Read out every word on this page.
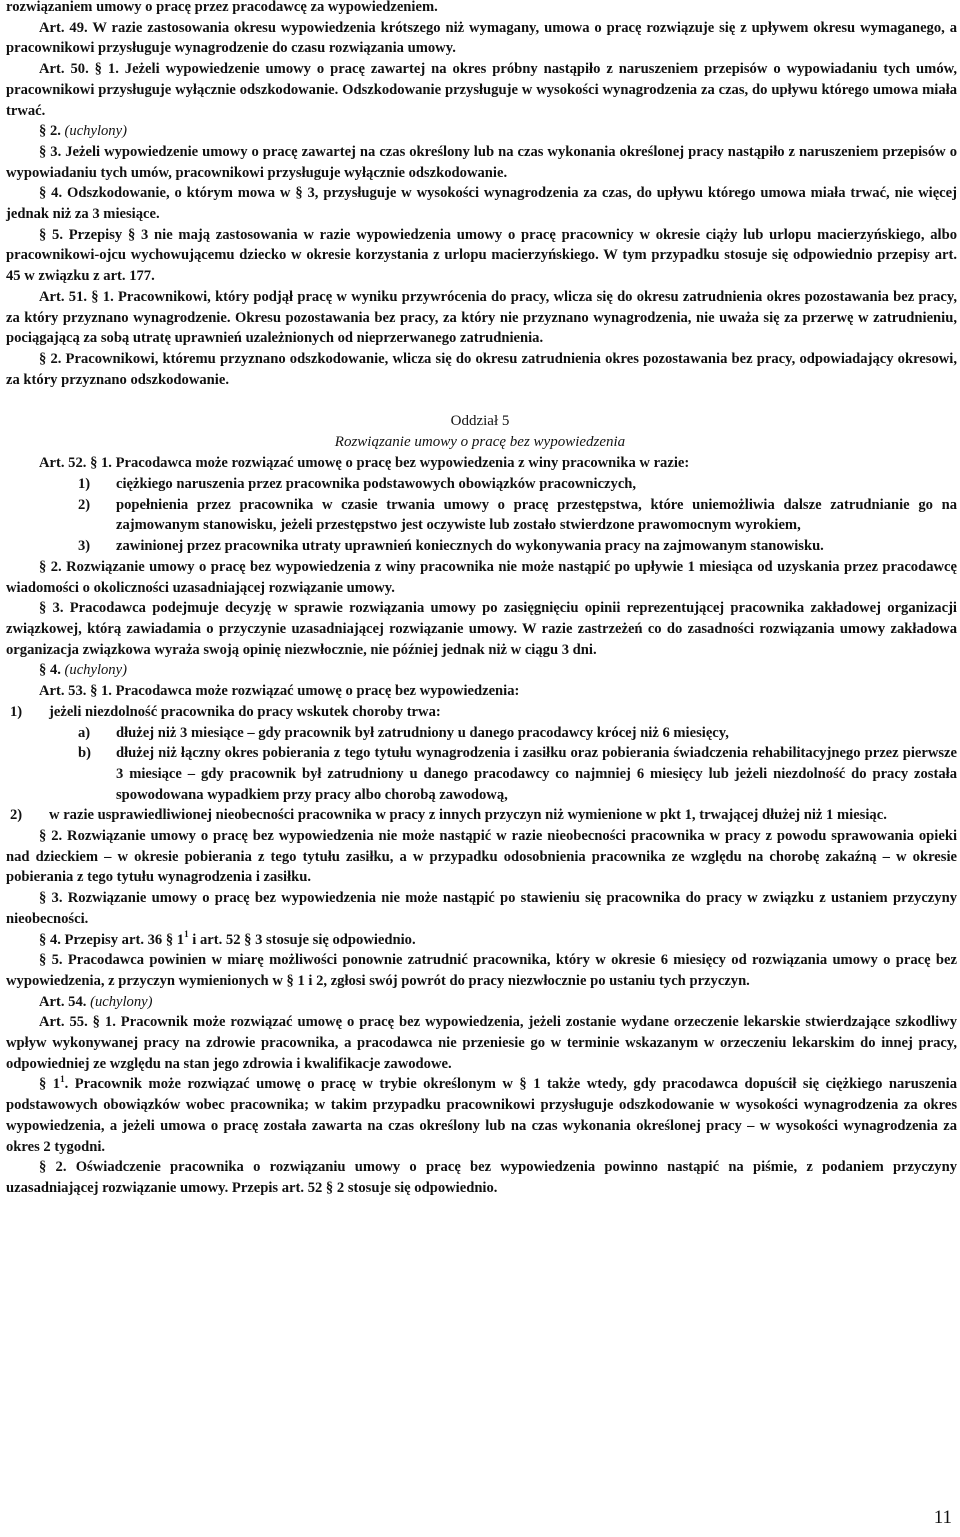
rozwiązaniem umowy o pracę przez pracodawcę za wypowiedzeniem.

Art. 49. W razie zastosowania okresu wypowiedzenia krótszego niż wymagany, umowa o pracę rozwiązuje się z upływem okresu wymaganego, a pracownikowi przysługuje wynagrodzenie do czasu rozwiązania umowy.

Art. 50. § 1. Jeżeli wypowiedzenie umowy o pracę zawartej na okres próbny nastąpiło z naruszeniem przepisów o wypowiadaniu tych umów, pracownikowi przysługuje wyłącznie odszkodowanie. Odszkodowanie przysługuje w wysokości wynagrodzenia za czas, do upływu którego umowa miała trwać.

§ 2. (uchylony)

§ 3. Jeżeli wypowiedzenie umowy o pracę zawartej na czas określony lub na czas wykonania określonej pracy nastąpiło z naruszeniem przepisów o wypowiadaniu tych umów, pracownikowi przysługuje wyłącznie odszkodowanie.

§ 4. Odszkodowanie, o którym mowa w § 3, przysługuje w wysokości wynagrodzenia za czas, do upływu którego umowa miała trwać, nie więcej jednak niż za 3 miesiące.

§ 5. Przepisy § 3 nie mają zastosowania w razie wypowiedzenia umowy o pracę pracownicy w okresie ciąży lub urlopu macierzyńskiego, albo pracownikowi-ojcu wychowującemu dziecko w okresie korzystania z urlopu macierzyńskiego. W tym przypadku stosuje się odpowiednio przepisy art. 45 w związku z art. 177.

Art. 51. § 1. Pracownikowi, który podjął pracę w wyniku przywrócenia do pracy, wlicza się do okresu zatrudnienia okres pozostawania bez pracy, za który przyznano wynagrodzenie. Okresu pozostawania bez pracy, za który nie przyznano wynagrodzenia, nie uważa się za przerwę w zatrudnieniu, pociągającą za sobą utratę uprawnień uzależnionych od nieprzerwanego zatrudnienia.

§ 2. Pracownikowi, któremu przyznano odszkodowanie, wlicza się do okresu zatrudnienia okres pozostawania bez pracy, odpowiadający okresowi, za który przyznano odszkodowanie.

Oddział 5

Rozwiązanie umowy o pracę bez wypowiedzenia

Art. 52. § 1. Pracodawca może rozwiązać umowę o pracę bez wypowiedzenia z winy pracownika w razie:

1) ciężkiego naruszenia przez pracownika podstawowych obowiązków pracowniczych,

2) popełnienia przez pracownika w czasie trwania umowy o pracę przestępstwa, które uniemożliwia dalsze zatrudnianie go na zajmowanym stanowisku, jeżeli przestępstwo jest oczywiste lub zostało stwierdzone prawomocnym wyrokiem,

3) zawinionej przez pracownika utraty uprawnień koniecznych do wykonywania pracy na zajmowanym stanowisku.

§ 2. Rozwiązanie umowy o pracę bez wypowiedzenia z winy pracownika nie może nastąpić po upływie 1 miesiąca od uzyskania przez pracodawcę wiadomości o okoliczności uzasadniającej rozwiązanie umowy.

§ 3. Pracodawca podejmuje decyzję w sprawie rozwiązania umowy po zasięgnięciu opinii reprezentującej pracownika zakładowej organizacji związkowej, którą zawiadamia o przyczynie uzasadniającej rozwiązanie umowy. W razie zastrzeżeń co do zasadności rozwiązania umowy zakładowa organizacja związkowa wyraża swoją opinię niezwłocznie, nie później jednak niż w ciągu 3 dni.

§ 4. (uchylony)

Art. 53. § 1. Pracodawca może rozwiązać umowę o pracę bez wypowiedzenia:

1) jeżeli niezdolność pracownika do pracy wskutek choroby trwa:

a) dłużej niż 3 miesiące – gdy pracownik był zatrudniony u danego pracodawcy krócej niż 6 miesięcy,

b) dłużej niż łączny okres pobierania z tego tytułu wynagrodzenia i zasiłku oraz pobierania świadczenia rehabilitacyjnego przez pierwsze 3 miesiące – gdy pracownik był zatrudniony u danego pracodawcy co najmniej 6 miesięcy lub jeżeli niezdolność do pracy została spowodowana wypadkiem przy pracy albo chorobą zawodową,

2) w razie usprawiedliwionej nieobecności pracownika w pracy z innych przyczyn niż wymienione w pkt 1, trwającej dłużej niż 1 miesiąc.

§ 2. Rozwiązanie umowy o pracę bez wypowiedzenia nie może nastąpić w razie nieobecności pracownika w pracy z powodu sprawowania opieki nad dzieckiem – w okresie pobierania z tego tytułu zasiłku, a w przypadku odosobnienia pracownika ze względu na chorobę zakaźną – w okresie pobierania z tego tytułu wynagrodzenia i zasiłku.

§ 3. Rozwiązanie umowy o pracę bez wypowiedzenia nie może nastąpić po stawieniu się pracownika do pracy w związku z ustaniem przyczyny nieobecności.

§ 4. Przepisy art. 36 § $1^1$ i art. 52 § 3 stosuje się odpowiednio.

§ 5. Pracodawca powinien w miarę możliwości ponownie zatrudnić pracownika, który w okresie 6 miesięcy od rozwiązania umowy o pracę bez wypowiedzenia, z przyczyn wymienionych w § 1 i 2, zgłosi swój powrót do pracy niezwłocznie po ustaniu tych przyczyn.

Art. 54. (uchylony)

Art. 55. § 1. Pracownik może rozwiązać umowę o pracę bez wypowiedzenia, jeżeli zostanie wydane orzeczenie lekarskie stwierdzające szkodliwy wpływ wykonywanej pracy na zdrowie pracownika, a pracodawca nie przeniesie go w terminie wskazanym w orzeczeniu lekarskim do innej pracy, odpowiedniej ze względu na stan jego zdrowia i kwalifikacje zawodowe.

§ $1^1$. Pracownik może rozwiązać umowę o pracę w trybie określonym w § 1 także wtedy, gdy pracodawca dopuścił się ciężkiego naruszenia podstawowych obowiązków wobec pracownika; w takim przypadku pracownikowi przysługuje odszkodowanie w wysokości wynagrodzenia za okres wypowiedzenia, a jeżeli umowa o pracę została zawarta na czas określony lub na czas wykonania określonej pracy – w wysokości wynagrodzenia za okres 2 tygodni.

§ 2. Oświadczenie pracownika o rozwiązaniu umowy o pracę bez wypowiedzenia powinno nastąpić na piśmie, z podaniem przyczyny uzasadniającej rozwiązanie umowy. Przepis art. 52 § 2 stosuje się odpowiednio.

11
